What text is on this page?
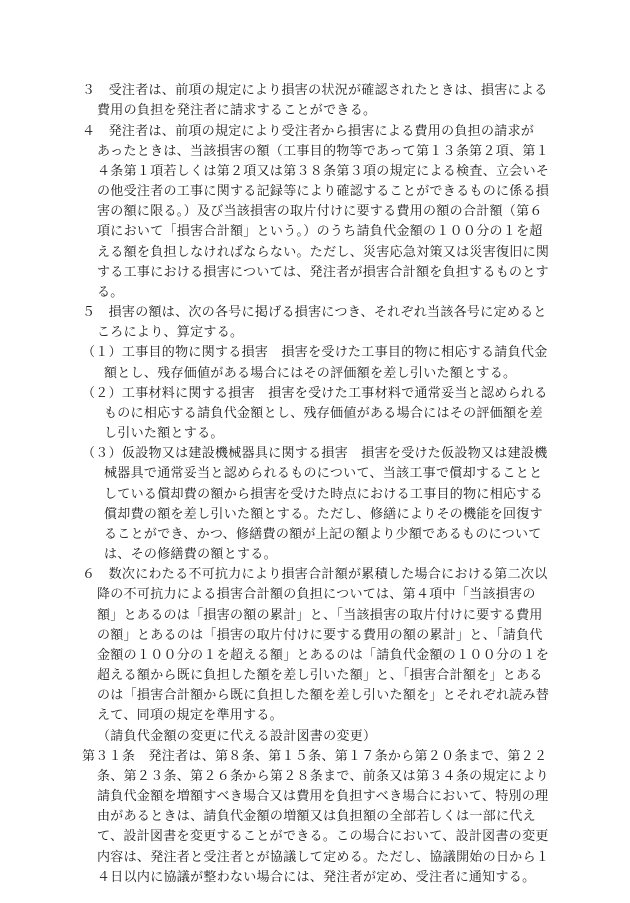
３　受注者は、前項の規定により損害の状況が確認されたときは、損害による
費用の負担を発注者に請求することができる。
４　発注者は、前項の規定により受注者から損害による費用の負担の請求が
あったときは、当該損害の額（工事目的物等であって第１３条第２項、第１
４条第１項若しくは第２項又は第３８条第３項の規定による検査、立会いそ
の他受注者の工事に関する記録等により確認することができるものに係る損
害の額に限る。）及び当該損害の取片付けに要する費用の額の合計額（第６
項において「損害合計額」という。）のうち請負代金額の１００分の１を超
える額を負担しなければならない。ただし、災害応急対策又は災害復旧に関
する工事における損害については、発注者が損害合計額を負担するものとす
る。
５　損害の額は、次の各号に掲げる損害につき、それぞれ当該各号に定めると
ころにより、算定する。
（１）工事目的物に関する損害　損害を受けた工事目的物に相応する請負代金
額とし、残存価値がある場合にはその評価額を差し引いた額とする。
（２）工事材料に関する損害　損害を受けた工事材料で通常妥当と認められる
ものに相応する請負代金額とし、残存価値がある場合にはその評価額を差
し引いた額とする。
（３）仮設物又は建設機械器具に関する損害　損害を受けた仮設物又は建設機
械器具で通常妥当と認められるものについて、当該工事で償却することと
している償却費の額から損害を受けた時点における工事目的物に相応する
償却費の額を差し引いた額とする。ただし、修繕によりその機能を回復す
ることができ、かつ、修繕費の額が上記の額より少額であるものについて
は、その修繕費の額とする。
６　数次にわたる不可抗力により損害合計額が累積した場合における第二次以
降の不可抗力による損害合計額の負担については、第４項中「当該損害の
額」とあるのは「損害の額の累計」と、「当該損害の取片付けに要する費用
の額」とあるのは「損害の取片付けに要する費用の額の累計」と、「請負代
金額の１００分の１を超える額」とあるのは「請負代金額の１００分の１を
超える額から既に負担した額を差し引いた額」と、「損害合計額を」とある
のは「損害合計額から既に負担した額を差し引いた額を」とそれぞれ読み替
えて、同項の規定を準用する。
（請負代金額の変更に代える設計図書の変更）
第３１条　発注者は、第８条、第１５条、第１７条から第２０条まで、第２２
条、第２３条、第２６条から第２８条まで、前条又は第３４条の規定により
請負代金額を増額すべき場合又は費用を負担すべき場合において、特別の理
由があるときは、請負代金額の増額又は負担額の全部若しくは一部に代え
て、設計図書を変更することができる。この場合において、設計図書の変更
内容は、発注者と受注者とが協議して定める。ただし、協議開始の日から１
４日以内に協議が整わない場合には、発注者が定め、受注者に通知する。
